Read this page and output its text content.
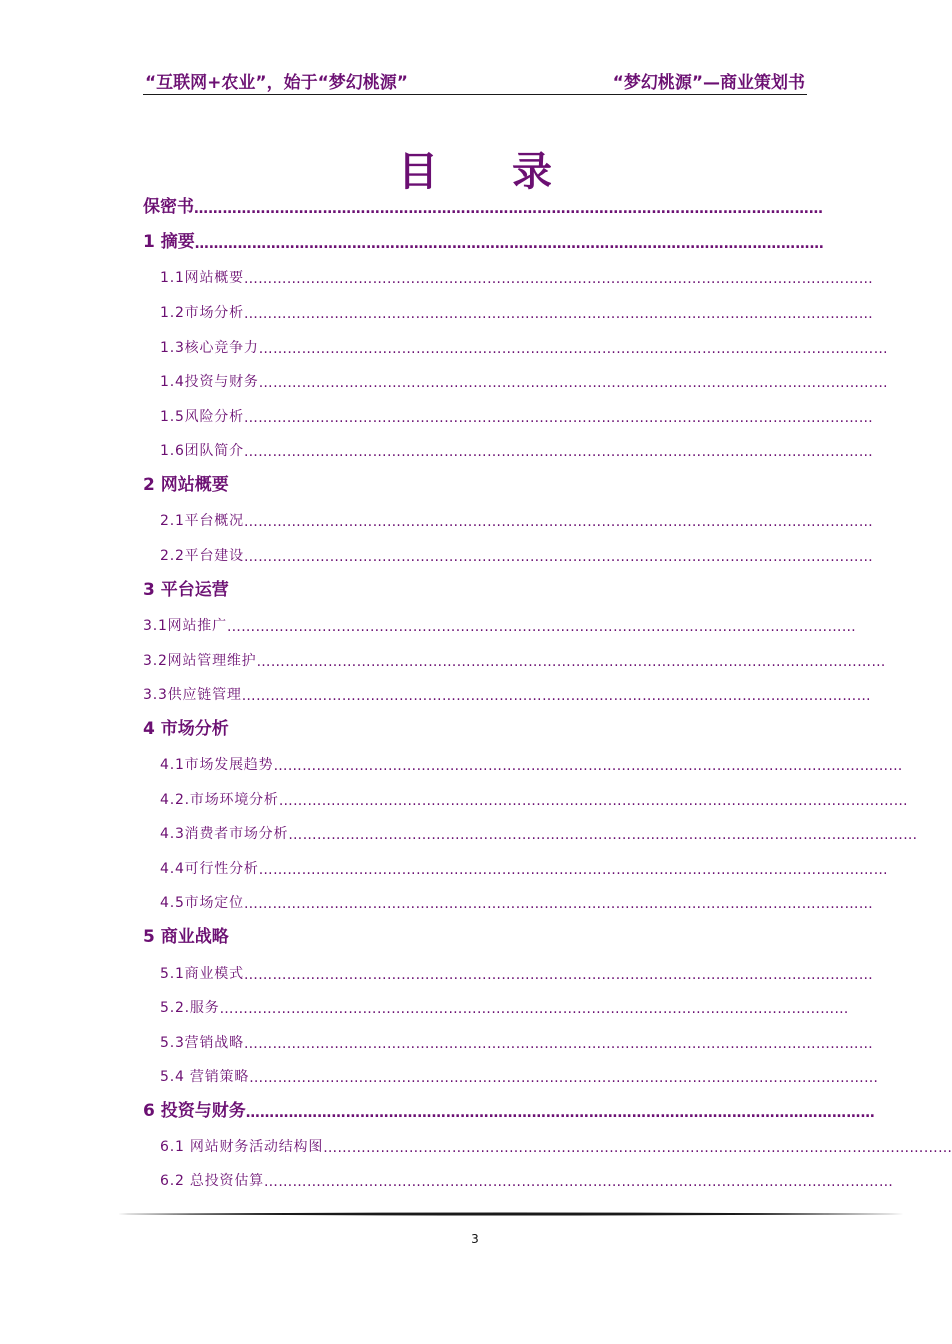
“互联网+农业”，始于“梦幻桃源”	“梦幻桃源”—商业策划书
目 录
保密书 ……………………………………………………………………………………………………………………
1 摘要 ……………………………………………………………………………………………………………………
1.1网站概要 ……………………………………………………………………………………………………………………
1.2市场分析 ……………………………………………………………………………………………………………………
1.3核心竞争力 ……………………………………………………………………………………………………………………
1.4投资与财务 ……………………………………………………………………………………………………………………
1.5风险分析 ……………………………………………………………………………………………………………………
1.6团队简介 ……………………………………………………………………………………………………………………
2 网站概要
2.1平台概况 ……………………………………………………………………………………………………………………
2.2平台建设 ……………………………………………………………………………………………………………………
3 平台运营
3.1网站推广 ……………………………………………………………………………………………………………………
3.2网站管理维护 ……………………………………………………………………………………………………………………
3.3供应链管理 ……………………………………………………………………………………………………………………
4 市场分析
4.1市场发展趋势 ……………………………………………………………………………………………………………………
4.2.市场环境分析 ……………………………………………………………………………………………………………………
4.3消费者市场分析 ……………………………………………………………………………………………………………………
4.4可行性分析 ……………………………………………………………………………………………………………………
4.5市场定位 ……………………………………………………………………………………………………………………
5 商业战略
5.1商业模式 ……………………………………………………………………………………………………………………
5.2.服务 ……………………………………………………………………………………………………………………
5.3营销战略 ……………………………………………………………………………………………………………………
5.4 营销策略 ……………………………………………………………………………………………………………………
6 投资与财务 ……………………………………………………………………………………………………………………
6.1 网站财务活动结构图 ……………………………………………………………………………………………………………………
6.2 总投资估算 ……………………………………………………………………………………………………………………
3
